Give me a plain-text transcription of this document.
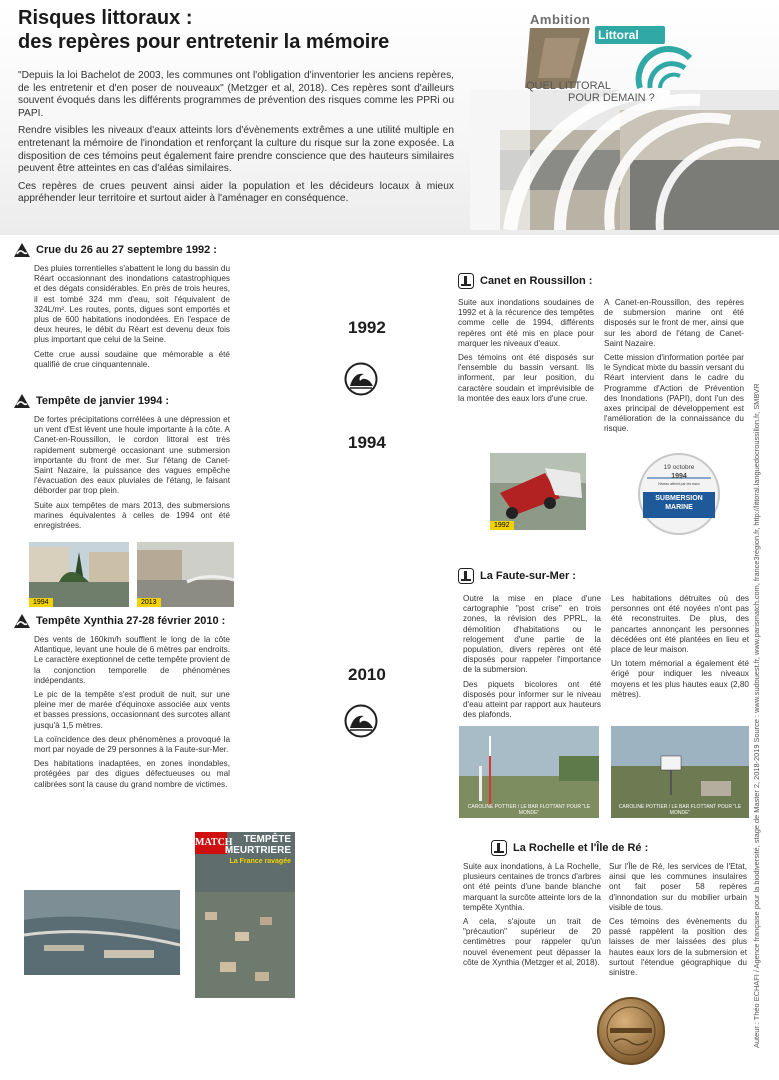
Risques littoraux :
des repères pour entretenir la mémoire
Ambition
Littoral
QUEL LITTORAL
POUR DEMAIN ?

"Depuis la loi Bachelot de 2003, les communes ont l'obligation d'inventorier les anciens repères, de les entretenir et d'en poser de nouveaux" (Metzger et al, 2018). Ces repères sont d'ailleurs souvent évoqués dans les différents programmes de prévention des risques comme les PPRi ou PAPI.

Rendre visibles les niveaux d'eaux atteints lors d'évènements extrêmes a une utilité multiple en entretenant la mémoire de l'inondation et renforçant la culture du risque sur la zone exposée. La disposition de ces témoins peut également faire prendre conscience que des hauteurs similaires peuvent être atteintes en cas d'aléas similaires.

Ces repères de crues peuvent ainsi aider la population et les décideurs locaux à mieux appréhender leur territoire et surtout aider à l'aménager en conséquence.

Crue du 26 au 27 septembre 1992 :

Des pluies torrentielles s'abattent le long du bassin du Réart occasionnant des inondations catastrophiques et des dégats considérables. En près de trois heures, il est tombé 324 mm d'eau, soit l'équivalent de 324L/m². Les routes, ponts, digues sont emportés et plus de 600 habitations inodondées. En l'espace de deux heures, le débit du Réart est devenu deux fois plus important que celui de la Seine.

Cette crue aussi soudaine que mémorable a été qualifié de crue cinquantennale.

Tempête de janvier 1994 :

De fortes précipitations corrélées à une dépression et un vent d'Est lèvent une houle importante à la côte. A Canet-en-Roussillon, le cordon littoral est très rapidement submergé occasionant une submersion importante du front de mer. Sur l'étang de Canet-Saint Nazaire, la puissance des vagues empêche l'évacuation des eaux pluviales de l'étang, le faisant déborder par trop plein.

Suite aux tempêtes de mars 2013, des submersions marines équivalentes à celles de 1994 ont été enregistrées.

1994	2013
Tempête Xynthia 27-28 février 2010 :

Des vents de 160km/h soufflent le long de la côte Atlantique, levant une houle de 6 mètres par endroits. Le caractère exeptionnel de cette tempête provient de la conjonction temporelle de phénomènes indépendants.

Le pic de la tempête s'est produit de nuit, sur une pleine mer de marée d'équinoxe associée aux vents et basses pressions, occasionnant des surcotes allant jusqu'à 1,5 mètres.

La coïncidence des deux phénomènes a provoqué la mort par noyade de 29 personnes à la Faute-sur-Mer.

Des habitations inadaptées, en zones inondables, protégées par des digues défectueuses ou mal calibrées sont la cause du grand nombre de victimes.

MATCH	TEMPÊTE
MEURTRIERE
La France ravagée
1992
1994
2010
Canet en Roussillon :

Suite aux inondations soudaines de 1992 et à la récurence des tempêtes comme celle de 1994, différents repères ont été mis en place pour marquer les niveaux d'eaux.

Des témoins ont été disposés sur l'ensemble du bassin versant. Ils informent, par leur position, du caractère soudain et imprévisible de la montée des eaux lors d'une crue.

A Canet-en-Roussillon, des repères de submersion marine ont été disposés sur le front de mer, ainsi que sur les abord de l'étang de Canet-Saint Nazaire.

Cette mission d'information portée par le Syndicat mixte du bassin versant du Réart intervient dans le cadre du Programme d'Action de Prévention des Inondations (PAPI), dont l'un des axes principal de développement est l'amélioration de la connaissance du risque.

1992
19 octobre
1994
Niveau atteint par les eaux
SUBMERSION
MARINE
La Faute-sur-Mer :

Outre la mise en place d'une cartographie "post crise" en trois zones, la révision des PPRL, la démolition d'habitations ou le relogement d'une partie de la population, divers repères ont été disposés pour rappeler l'importance de la submersion.

Des piquets bicolores ont été disposés pour informer sur le niveau d'eau atteint par rapport aux hauteurs des plafonds.

Les habitations détruites où des personnes ont été noyées n'ont pas été reconstruites. De plus, des pancartes annonçant les personnes décédées ont été plantées en lieu et place de leur maison.

Un totem mémorial a également été érigé pour indiquer les niveaux moyens et les plus hautes eaux (2,80 mètres).

CAROLINE POTTIER / LE BAR FLOTTANT POUR "LE MONDE"
CAROLINE POTTIER / LE BAR FLOTTANT POUR "LE MONDE"
La Rochelle et l'Île de Ré :

Suite aux inondations, à La Rochelle, plusieurs centaines de troncs d'arbres ont été peints d'une bande blanche marquant la surcôte atteinte lors de la tempête Xynthia.

A cela, s'ajoute un trait de "précaution" supérieur de 20 centimètres pour rappeler qu'un nouvel évenement peut dépasser la côte de Xynthia (Metzger et al, 2018).

Sur l'Île de Ré, les services de l'Etat, ainsi que les communes insulaires ont fait poser 58 repères d'innondation sur du mobilier urbain visible de tous.

Ces témoins des évènements du passé rappèlent la position des laisses de mer laissées des plus hautes eaux lors de la submersion et surtout l'étendue géographique du sinistre.	Auteur : Théo ECHAFI / Agence française pour la biodiversité, stage de Master 2, 2018-2019 Source : www.sudouest.fr, www.parismatch.com, france3région.fr, http://littoral.languedocroussillon.fr, SMBVR
